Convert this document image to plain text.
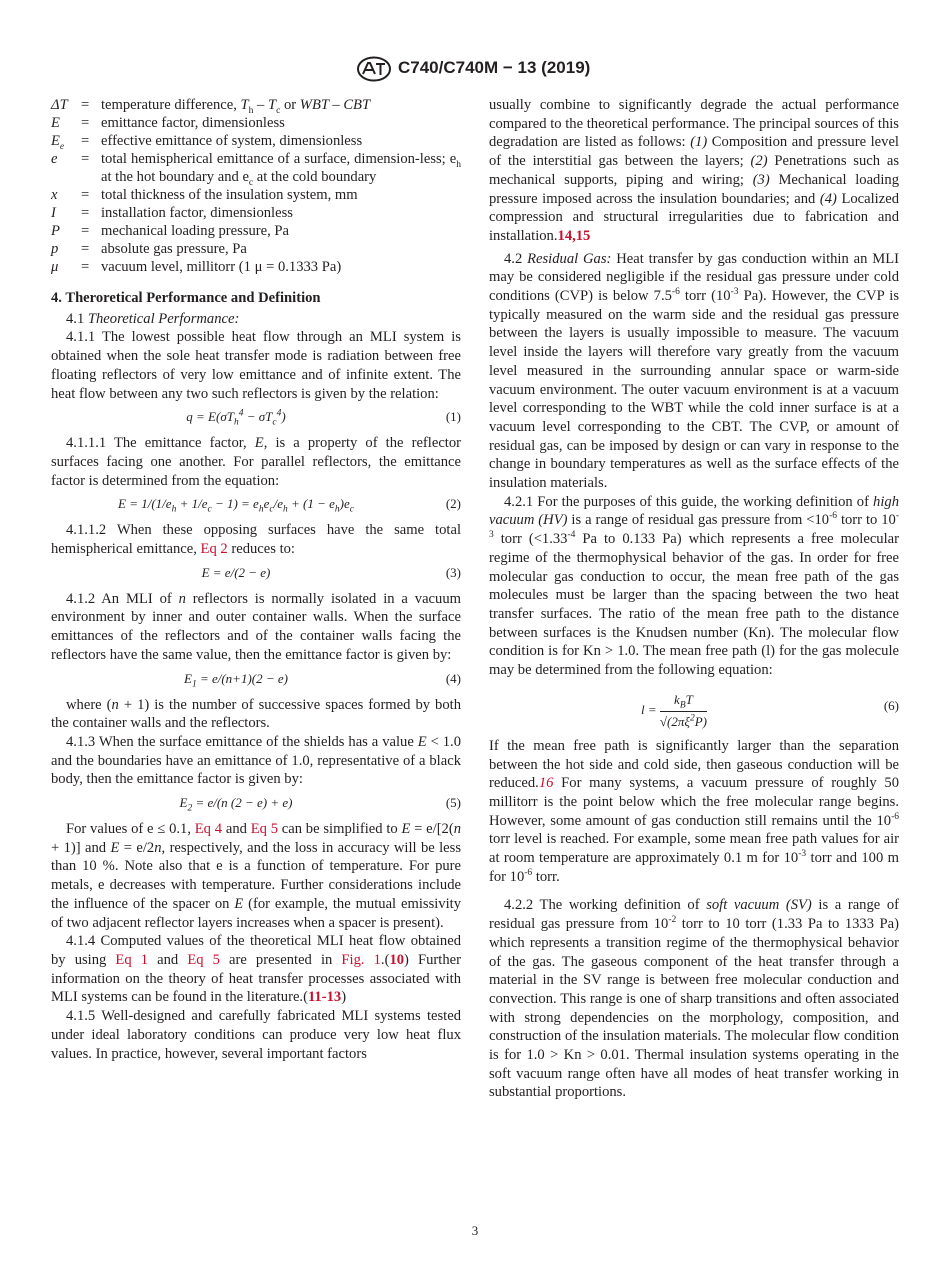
C740/C740M − 13 (2019)
ΔT = temperature difference, $T_h - T_c$ or WBT – CBT
E	= emittance factor, dimensionless
$E_e$	= effective emittance of system, dimensionless
e	= total hemispherical emittance of a surface, dimension-less; $e_h$ at the hot boundary and $e_c$ at the cold boundary
x	= total thickness of the insulation system, mm
I	= installation factor, dimensionless
P	= mechanical loading pressure, Pa
p	= absolute gas pressure, Pa
μ	= vacuum level, millitorr (1 μ = 0.1333 Pa)

4. Theroretical Performance and Definition

4.1 Theoretical Performance:

4.1.1 The lowest possible heat flow through an MLI system is obtained when the sole heat transfer mode is radiation between free floating reflectors of very low emittance and of infinite extent. The heat flow between any two such reflectors is given by the relation:

$q = E(\sigma T_h^4 - \sigma T_c^4)$	(1)

4.1.1.1 The emittance factor, E, is a property of the reflector surfaces facing one another. For parallel reflectors, the emittance factor is determined from the equation:

$E = 1/(1/e_h + 1/e_c - 1) = e_he_c/e_h + (1 - e_h)e_c$	(2)

4.1.1.2 When these opposing surfaces have the same total hemispherical emittance, Eq 2 reduces to:

E = e/(2 − e)	(3)

4.1.2 An MLI of n reflectors is normally isolated in a vacuum environment by inner and outer container walls. When the surface emittances of the reflectors and of the container walls facing the reflectors have the same value, then the emittance factor is given by:

$E_1 = e/(n+1)(2 - e)$	(4)

where (n + 1) is the number of successive spaces formed by both the container walls and the reflectors.

4.1.3 When the surface emittance of the shields has a value E < 1.0 and the boundaries have an emittance of 1.0, representative of a black body, then the emittance factor is given by:

$E_2 = e/(n$ (2 − e) + e)	(5)

For values of e ≤ 0.1, Eq 4 and Eq 5 can be simplified to E = e/[2(n + 1)] and E = e/2n, respectively, and the loss in accuracy will be less than 10 %. Note also that e is a function of temperature. For pure metals, e decreases with temperature. Further considerations include the influence of the spacer on E (for example, the mutual emissivity of two adjacent reflector layers increases when a spacer is present).

4.1.4 Computed values of the theoretical MLI heat flow obtained by using Eq 1 and Eq 5 are presented in Fig. 1.(10) Further information on the theory of heat transfer processes associated with MLI systems can be found in the literature.(11-13)

4.1.5 Well-designed and carefully fabricated MLI systems tested under ideal laboratory conditions can produce very low heat flux values. In practice, however, several important factors

usually combine to significantly degrade the actual performance compared to the theoretical performance. The principal sources of this degradation are listed as follows: (1) Composition and pressure level of the interstitial gas between the layers; (2) Penetrations such as mechanical supports, piping and wiring; (3) Mechanical loading pressure imposed across the insulation boundaries; and (4) Localized compression and structural irregularities due to fabrication and installation.14,15

4.2 Residual Gas: Heat transfer by gas conduction within an MLI may be considered negligible if the residual gas pressure under cold conditions (CVP) is below $7.5^{-6}$ torr ($10^{-3}$ Pa). However, the CVP is typically measured on the warm side and the residual gas pressure between the layers is usually impossible to measure. The vacuum level inside the layers will therefore vary greatly from the vacuum level measured in the surrounding annular space or warm-side vacuum environment. The outer vacuum environment is at a vacuum level corresponding to the WBT while the cold inner surface is at a vacuum level corresponding to the CBT. The CVP, or amount of residual gas, can be imposed by design or can vary in response to the change in boundary temperatures as well as the surface effects of the insulation materials.

4.2.1 For the purposes of this guide, the working definition of high vacuum (HV) is a range of residual gas pressure from $<10^{-6}$ torr to $10^{-3}$ torr ($<1.33^{-4}$ Pa to 0.133 Pa) which represents a free molecular regime of the thermophysical behavior of the gas. In order for free molecular gas conduction to occur, the mean free path of the gas molecules must be larger than the spacing between the two heat transfer surfaces. The ratio of the mean free path to the distance between surfaces is the Knudsen number (Kn). The molecular flow condition is for Kn > 1.0. The mean free path (l) for the gas molecule may be determined from the following equation:

$l = \frac{k_BT}{√(2\pi\xi^2P)}$	(6)

If the mean free path is significantly larger than the separation between the hot side and cold side, then gaseous conduction will be reduced.16 For many systems, a vacuum pressure of roughly 50 millitorr is the point below which the free molecular range begins. However, some amount of gas conduction still remains until the $10^{-6}$ torr level is reached. For example, some mean free path values for air at room temperature are approximately 0.1 m for $10^{-3}$ torr and 100 m for $10^{-6}$ torr.

4.2.2 The working definition of soft vacuum (SV) is a range of residual gas pressure from $10^{-2}$ torr to 10 torr (1.33 Pa to 1333 Pa) which represents a transition regime of the thermophysical behavior of the gas. The gaseous component of the heat transfer through a material in the SV range is between free molecular conduction and convection. This range is one of sharp transitions and often associated with strong dependencies on the morphology, composition, and construction of the insulation materials. The molecular flow condition is for 1.0 > Kn > 0.01. Thermal insulation systems operating in the soft vacuum range often have all modes of heat transfer working in substantial proportions.

3
